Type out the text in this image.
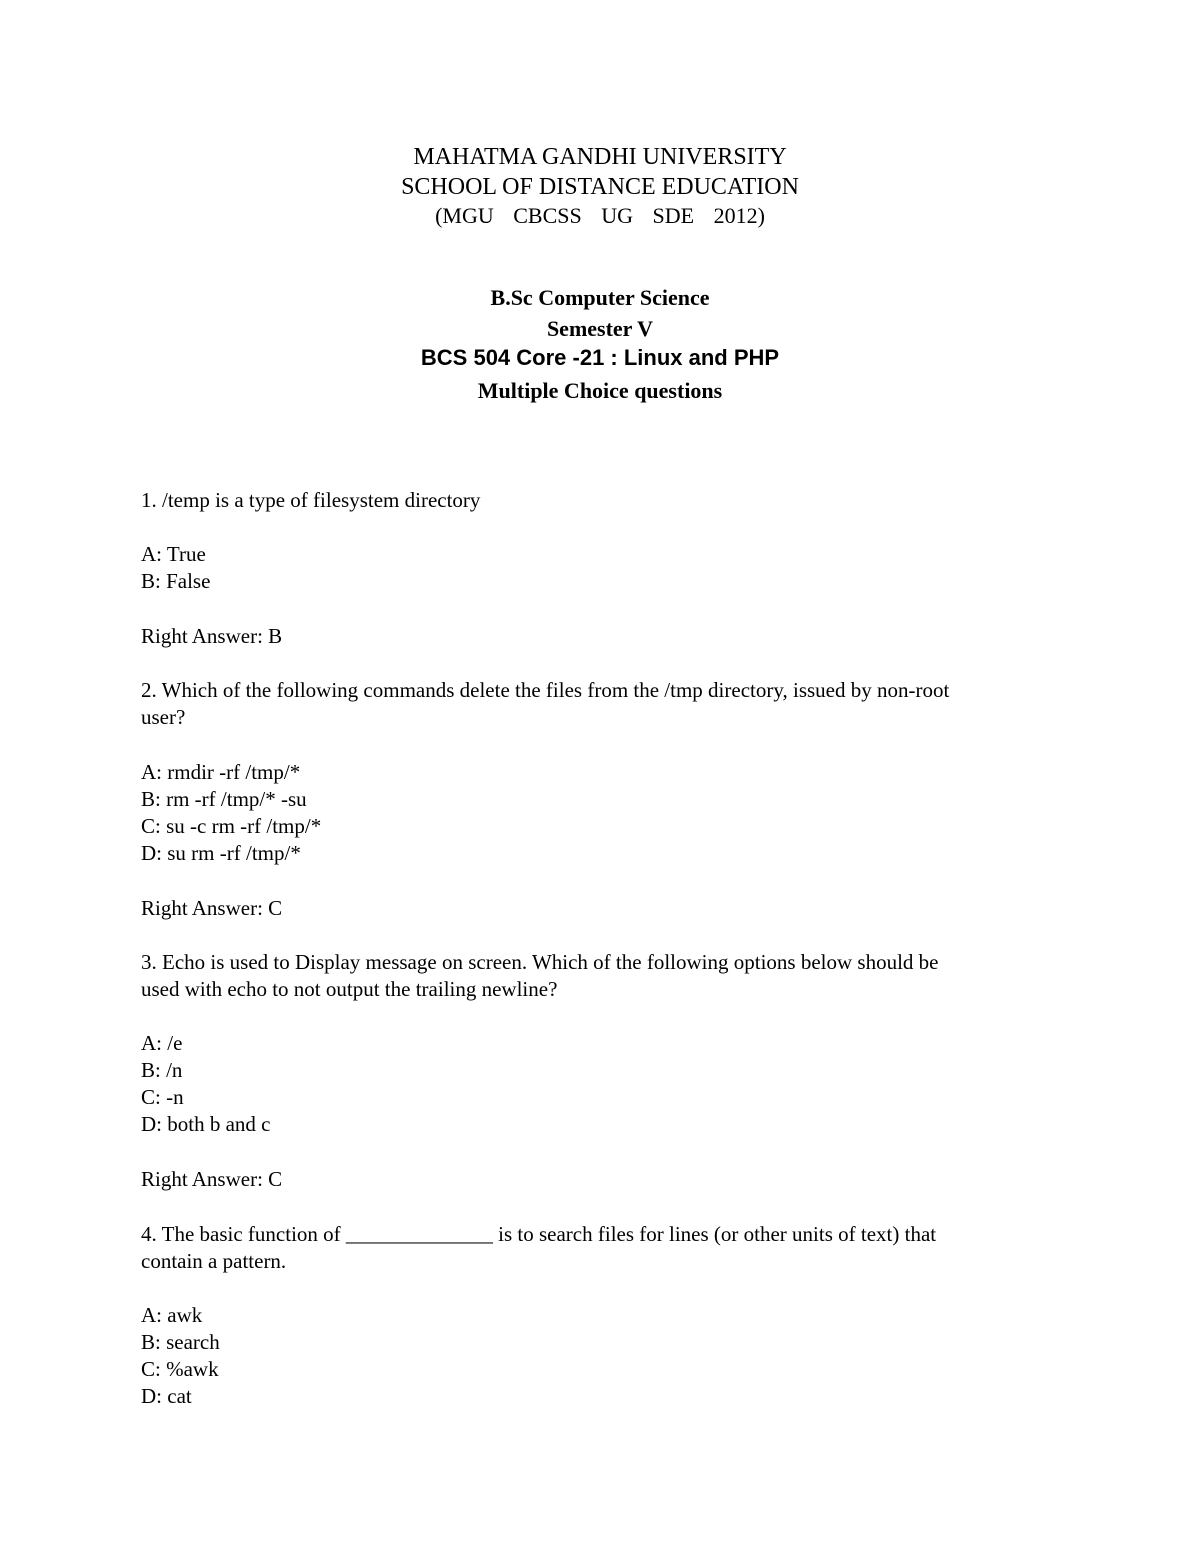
MAHATMA GANDHI UNIVERSITY
SCHOOL OF DISTANCE EDUCATION
(MGU CBCSS UG SDE 2012)
B.Sc Computer Science
Semester V
BCS 504 Core -21 : Linux and PHP
Multiple Choice questions
1. /temp is a type of filesystem directory
A: True
B: False
Right Answer: B
2. Which of the following commands delete the files from the /tmp directory, issued by non-root
user?
A: rmdir -rf /tmp/*
B: rm -rf /tmp/* -su
C: su -c rm -rf /tmp/*
D: su rm -rf /tmp/*
Right Answer: C
3. Echo is used to Display message on screen. Which of the following options below should be
used with echo to not output the trailing newline?
A: /e
B: /n
C: -n
D: both b and c
Right Answer: C
4. The basic function of ______________ is to search files for lines (or other units of text) that
contain a pattern.
A: awk
B: search
C: %awk
D: cat
